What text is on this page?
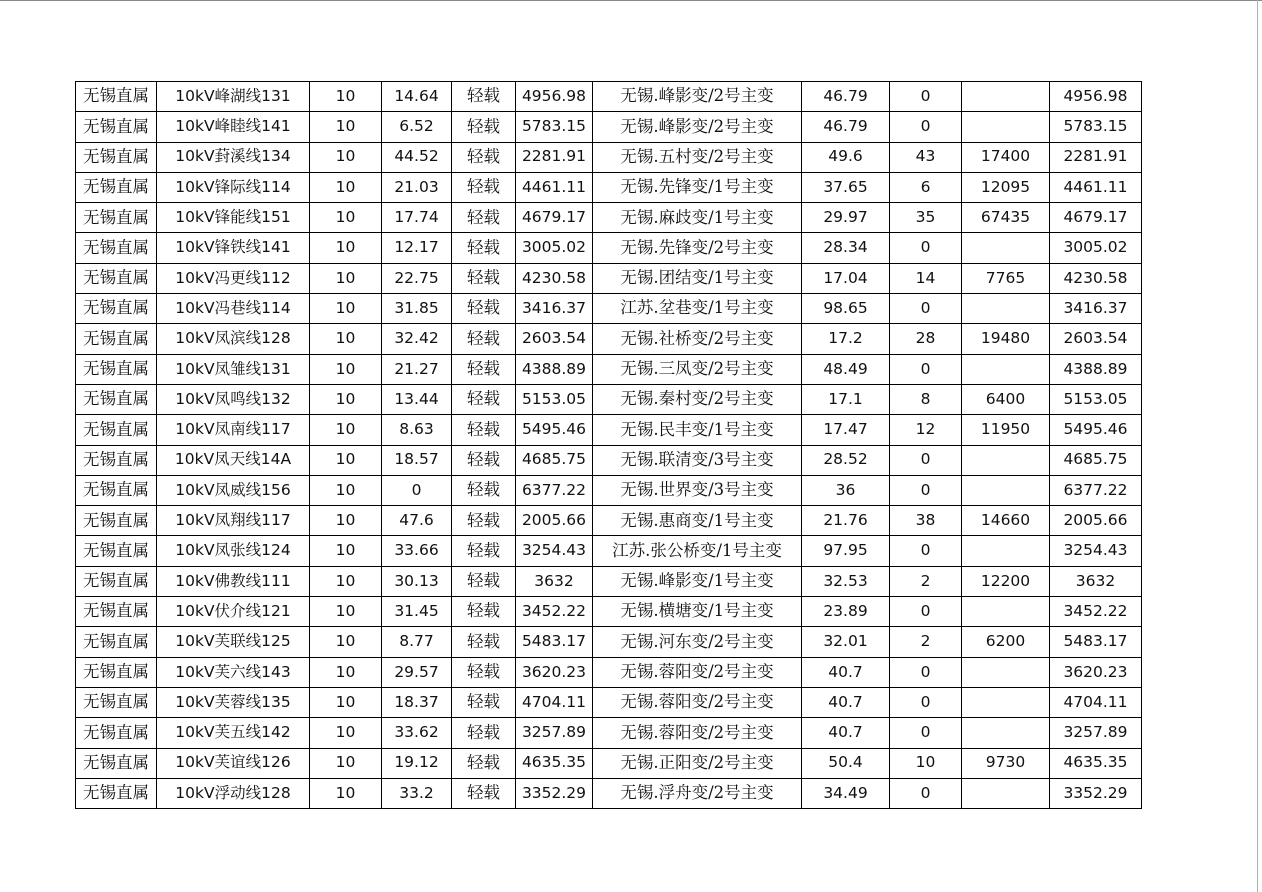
无锡直属	10kV峰湖线131	10	14.64	轻载	4956.98	无锡.峰影变/2号主变	46.79	0		4956.98
无锡直属	10kV峰睦线141	10	6.52	轻载	5783.15	无锡.峰影变/2号主变	46.79	0		5783.15
无锡直属	10kV葑溪线134	10	44.52	轻载	2281.91	无锡.五村变/2号主变	49.6	43	17400	2281.91
无锡直属	10kV锋际线114	10	21.03	轻载	4461.11	无锡.先锋变/1号主变	37.65	6	12095	4461.11
无锡直属	10kV锋能线151	10	17.74	轻载	4679.17	无锡.麻歧变/1号主变	29.97	35	67435	4679.17
无锡直属	10kV锋铁线141	10	12.17	轻载	3005.02	无锡.先锋变/2号主变	28.34	0		3005.02
无锡直属	10kV冯更线112	10	22.75	轻载	4230.58	无锡.团结变/1号主变	17.04	14	7765	4230.58
无锡直属	10kV冯巷线114	10	31.85	轻载	3416.37	江苏.坌巷变/1号主变	98.65	0		3416.37
无锡直属	10kV凤滨线128	10	32.42	轻载	2603.54	无锡.社桥变/2号主变	17.2	28	19480	2603.54
无锡直属	10kV凤雏线131	10	21.27	轻载	4388.89	无锡.三凤变/2号主变	48.49	0		4388.89
无锡直属	10kV凤鸣线132	10	13.44	轻载	5153.05	无锡.秦村变/2号主变	17.1	8	6400	5153.05
无锡直属	10kV凤南线117	10	8.63	轻载	5495.46	无锡.民丰变/1号主变	17.47	12	11950	5495.46
无锡直属	10kV凤天线14A	10	18.57	轻载	4685.75	无锡.联清变/3号主变	28.52	0		4685.75
无锡直属	10kV凤威线156	10	0	轻载	6377.22	无锡.世界变/3号主变	36	0		6377.22
无锡直属	10kV凤翔线117	10	47.6	轻载	2005.66	无锡.惠商变/1号主变	21.76	38	14660	2005.66
无锡直属	10kV凤张线124	10	33.66	轻载	3254.43	江苏.张公桥变/1号主变	97.95	0		3254.43
无锡直属	10kV佛教线111	10	30.13	轻载	3632	无锡.峰影变/1号主变	32.53	2	12200	3632
无锡直属	10kV伏介线121	10	31.45	轻载	3452.22	无锡.横塘变/1号主变	23.89	0		3452.22
无锡直属	10kV芙联线125	10	8.77	轻载	5483.17	无锡.河东变/2号主变	32.01	2	6200	5483.17
无锡直属	10kV芙六线143	10	29.57	轻载	3620.23	无锡.蓉阳变/2号主变	40.7	0		3620.23
无锡直属	10kV芙蓉线135	10	18.37	轻载	4704.11	无锡.蓉阳变/2号主变	40.7	0		4704.11
无锡直属	10kV芙五线142	10	33.62	轻载	3257.89	无锡.蓉阳变/2号主变	40.7	0		3257.89
无锡直属	10kV芙谊线126	10	19.12	轻载	4635.35	无锡.正阳变/2号主变	50.4	10	9730	4635.35
无锡直属	10kV浮动线128	10	33.2	轻载	3352.29	无锡.浮舟变/2号主变	34.49	0		3352.29
